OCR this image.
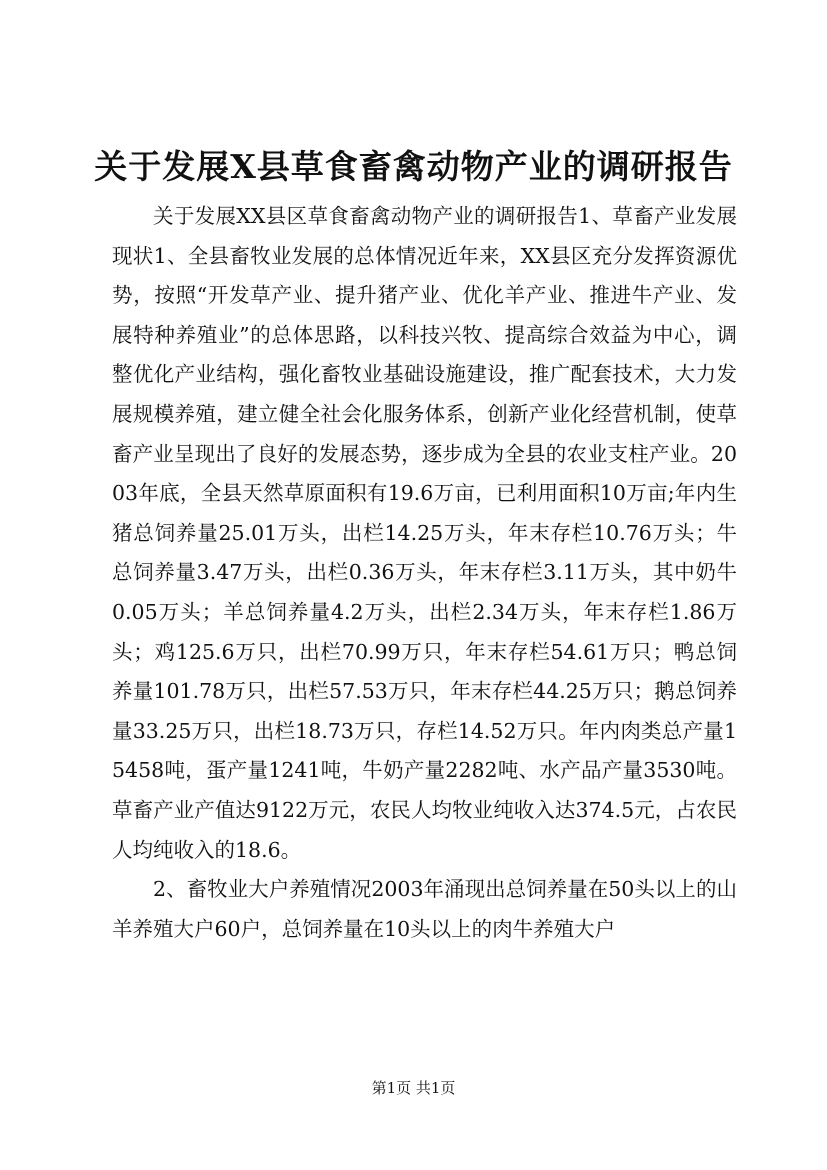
关于发展X县草食畜禽动物产业的调研报告

关于发展XX县区草食畜禽动物产业的调研报告1、草畜产业发展现状1、全县畜牧业发展的总体情况近年来，XX县区充分发挥资源优势，按照“开发草产业、提升猪产业、优化羊产业、推进牛产业、发展特种养殖业”的总体思路，以科技兴牧、提高综合效益为中心，调整优化产业结构，强化畜牧业基础设施建设，推广配套技术，大力发展规模养殖，建立健全社会化服务体系，创新产业化经营机制，使草畜产业呈现出了良好的发展态势，逐步成为全县的农业支柱产业。2003年底，全县天然草原面积有19.6万亩，已利用面积10万亩;年内生猪总饲养量25.01万头，出栏14.25万头，年末存栏10.76万头；牛总饲养量3.47万头，出栏0.36万头，年末存栏3.11万头，其中奶牛0.05万头；羊总饲养量4.2万头，出栏2.34万头，年末存栏1.86万头；鸡125.6万只，出栏70.99万只，年末存栏54.61万只；鸭总饲养量101.78万只，出栏57.53万只，年末存栏44.25万只；鹅总饲养量33.25万只，出栏18.73万只，存栏14.52万只。年内肉类总产量15458吨，蛋产量1241吨，牛奶产量2282吨、水产品产量3530吨。草畜产业产值达9122万元，农民人均牧业纯收入达374.5元，占农民人均纯收入的18.6。

2、畜牧业大户养殖情况2003年涌现出总饲养量在50头以上的山羊养殖大户60户，总饲养量在10头以上的肉牛养殖大户

第1页 共1页
